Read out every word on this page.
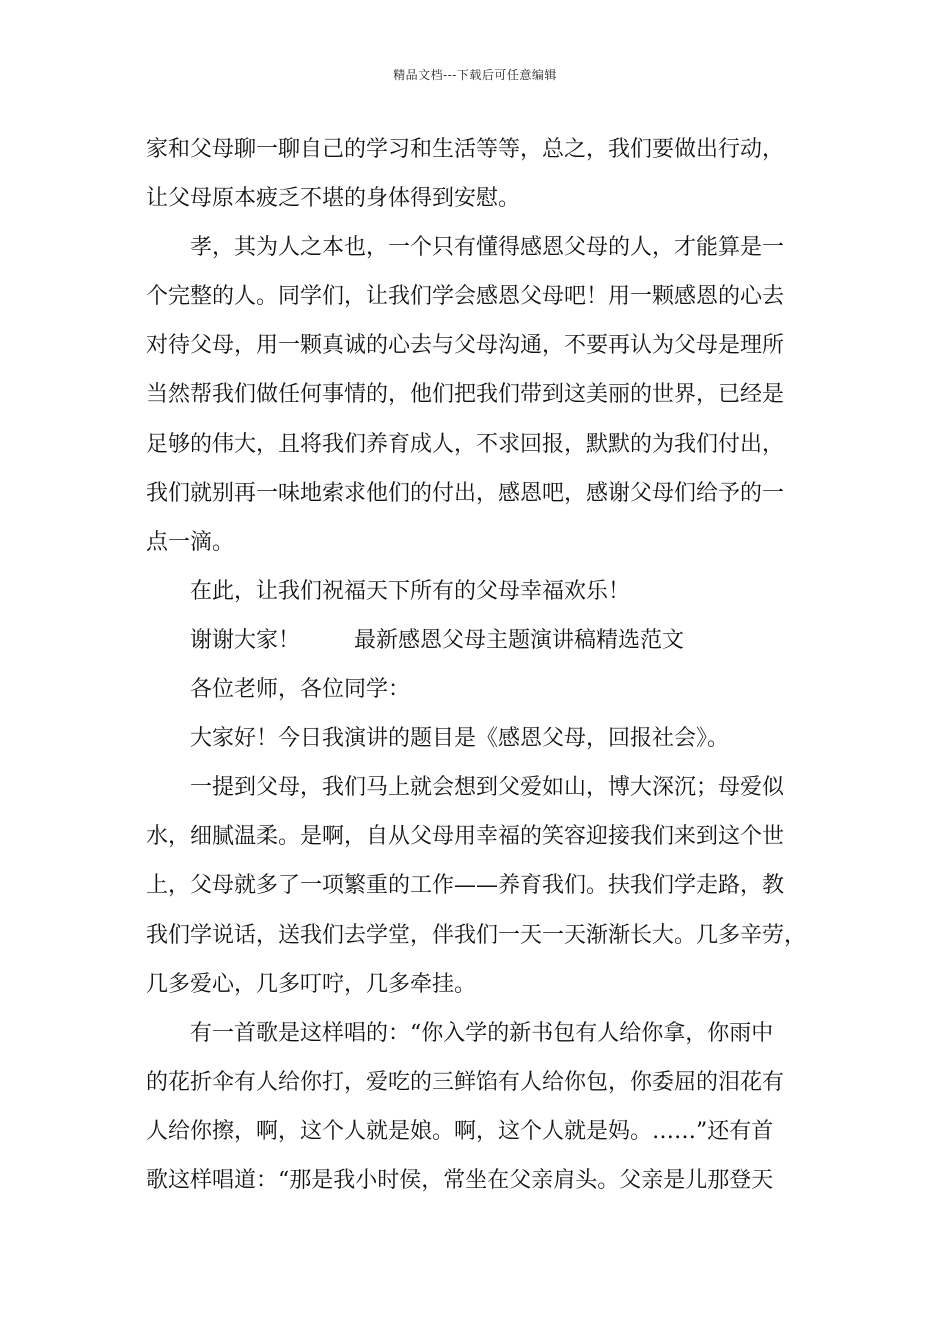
精品文档---下载后可任意编辑
家和父母聊一聊自己的学习和生活等等，总之，我们要做出行动，
让父母原本疲乏不堪的身体得到安慰。
孝，其为人之本也，一个只有懂得感恩父母的人，才能算是一
个完整的人。同学们，让我们学会感恩父母吧！用一颗感恩的心去
对待父母，用一颗真诚的心去与父母沟通，不要再认为父母是理所
当然帮我们做任何事情的，他们把我们带到这美丽的世界，已经是
足够的伟大，且将我们养育成人，不求回报，默默的为我们付出，
我们就别再一味地索求他们的付出，感恩吧，感谢父母们给予的一
点一滴。
在此，让我们祝福天下所有的父母幸福欢乐！
谢谢大家！ 最新感恩父母主题演讲稿精选范文
各位老师，各位同学：
大家好！今日我演讲的题目是《感恩父母，回报社会》。
一提到父母，我们马上就会想到父爱如山，博大深沉；母爱似
水，细腻温柔。是啊，自从父母用幸福的笑容迎接我们来到这个世
上，父母就多了一项繁重的工作——养育我们。扶我们学走路，教
我们学说话，送我们去学堂，伴我们一天一天渐渐长大。几多辛劳，
几多爱心，几多叮咛，几多牵挂。
有一首歌是这样唱的：“你入学的新书包有人给你拿，你雨中
的花折伞有人给你打，爱吃的三鲜馅有人给你包，你委屈的泪花有
人给你擦，啊，这个人就是娘。啊，这个人就是妈。……”还有首
歌这样唱道：“那是我小时侯，常坐在父亲肩头。父亲是儿那登天
